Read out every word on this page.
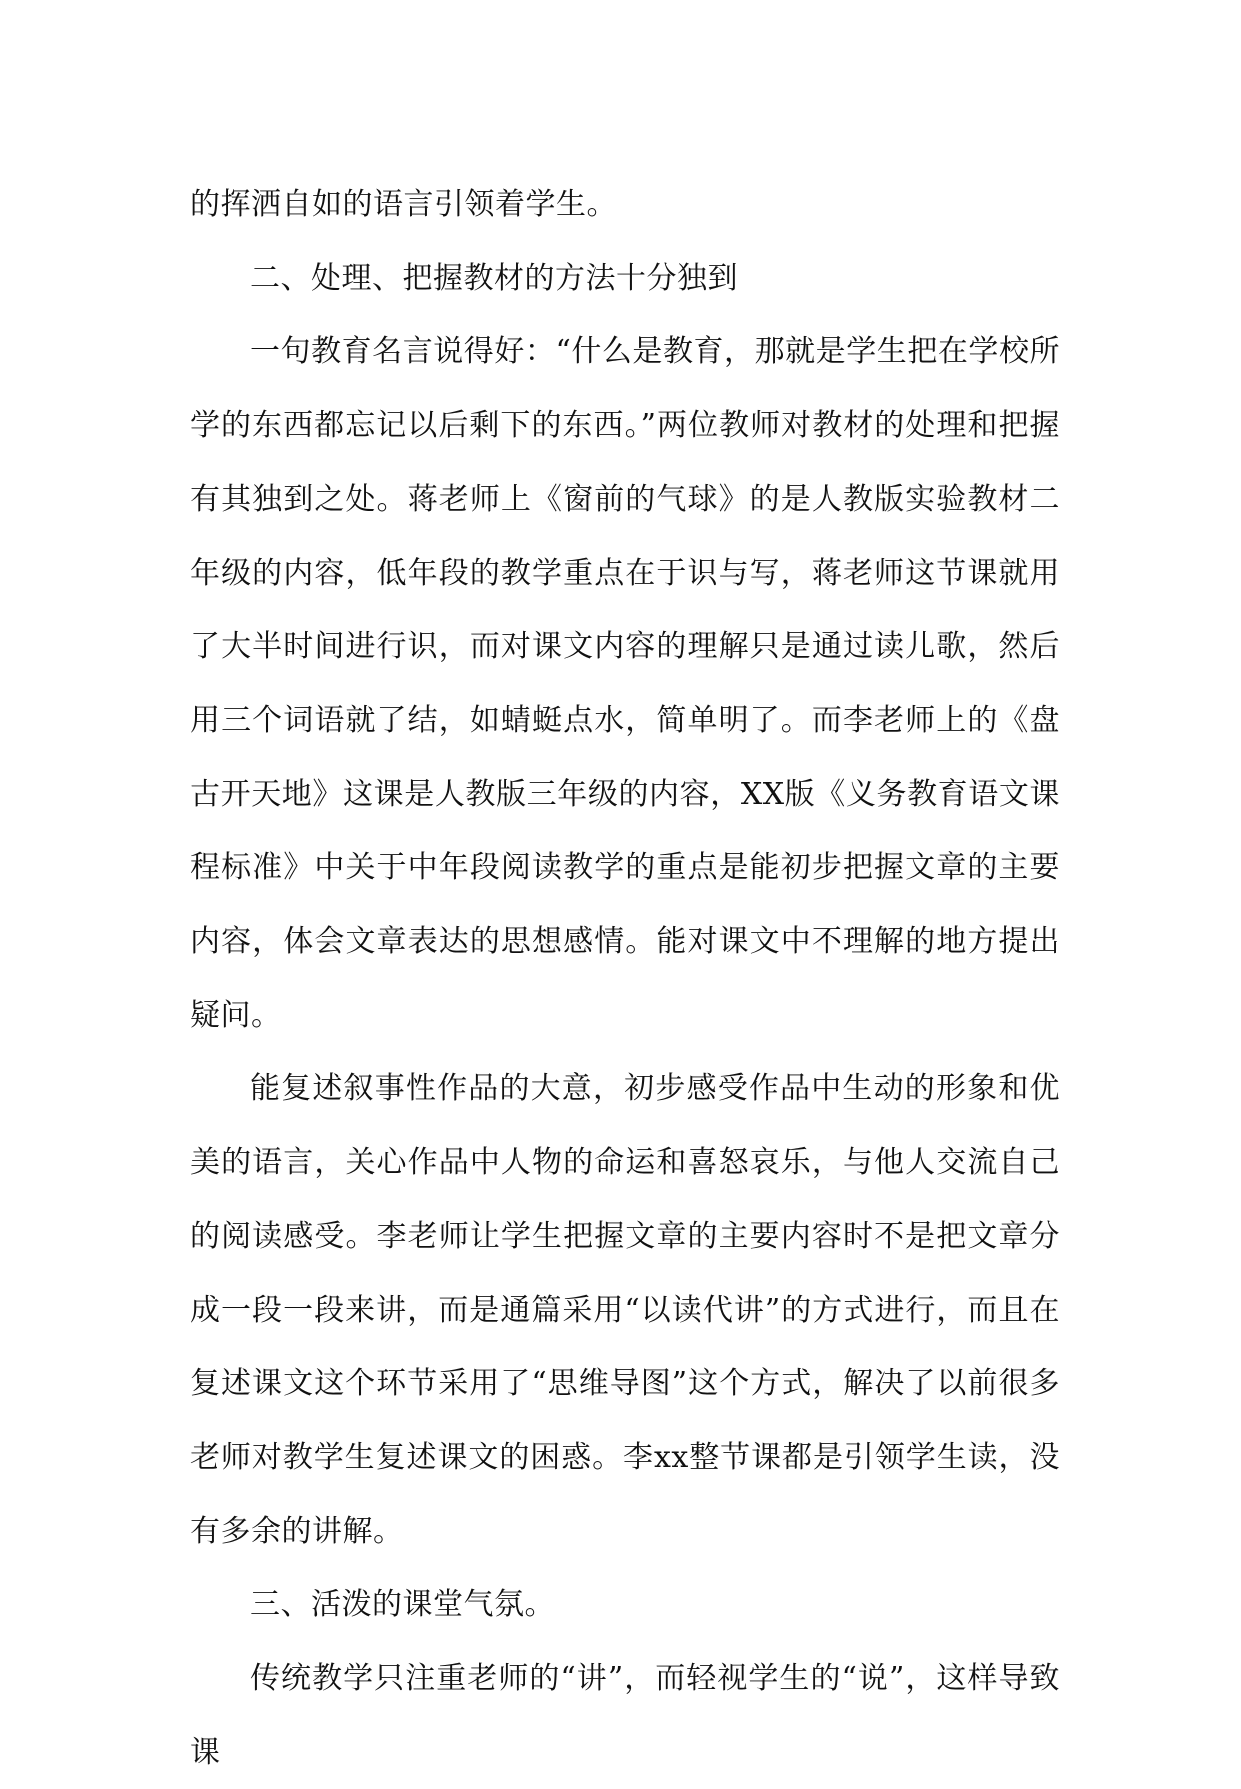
的挥洒自如的语言引领着学生。

二、处理、把握教材的方法十分独到

一句教育名言说得好：“什么是教育，那就是学生把在学校所学的东西都忘记以后剩下的东西。”两位教师对教材的处理和把握有其独到之处。蒋老师上《窗前的气球》的是人教版实验教材二年级的内容，低年段的教学重点在于识与写，蒋老师这节课就用了大半时间进行识，而对课文内容的理解只是通过读儿歌，然后用三个词语就了结，如蜻蜓点水，简单明了。而李老师上的《盘古开天地》这课是人教版三年级的内容，XX版《义务教育语文课程标准》中关于中年段阅读教学的重点是能初步把握文章的主要内容，体会文章表达的思想感情。能对课文中不理解的地方提出疑问。

能复述叙事性作品的大意，初步感受作品中生动的形象和优美的语言，关心作品中人物的命运和喜怒哀乐，与他人交流自己的阅读感受。李老师让学生把握文章的主要内容时不是把文章分成一段一段来讲，而是通篇采用“以读代讲”的方式进行，而且在复述课文这个环节采用了“思维导图”这个方式，解决了以前很多老师对教学生复述课文的困惑。李xx整节课都是引领学生读，没有多余的讲解。

三、活泼的课堂气氛。

传统教学只注重老师的“讲”，而轻视学生的“说”，这样导致课
